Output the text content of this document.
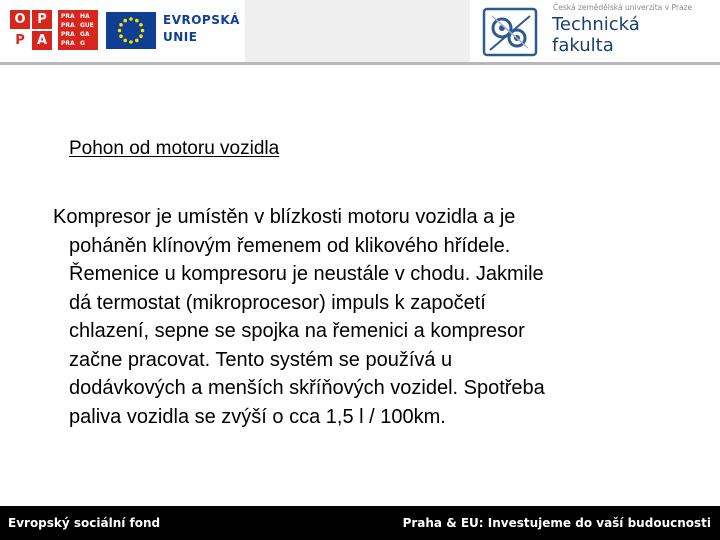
O P
P A
PRA HA
PRA GUE
PRA GA
PRA G
EVROPSKÁ
UNIE
Česká zemědělská univerzita v Praze
Technická
fakulta
Pohon od motoru vozidla

Kompresor je umístěn v blízkosti motoru vozidla a je
poháněn klínovým řemenem od klikového hřídele.
Řemenice u kompresoru je neustále v chodu. Jakmile
dá termostat (mikroprocesor) impuls k započetí
chlazení, sepne se spojka na řemenici a kompresor
začne pracovat. Tento systém se používá u
dodávkových a menších skříňových vozidel. Spotřeba
paliva vozidla se zvýší o cca 1,5 l / 100km.

Evropský sociální fond	Praha & EU: Investujeme do vaší budoucnosti
